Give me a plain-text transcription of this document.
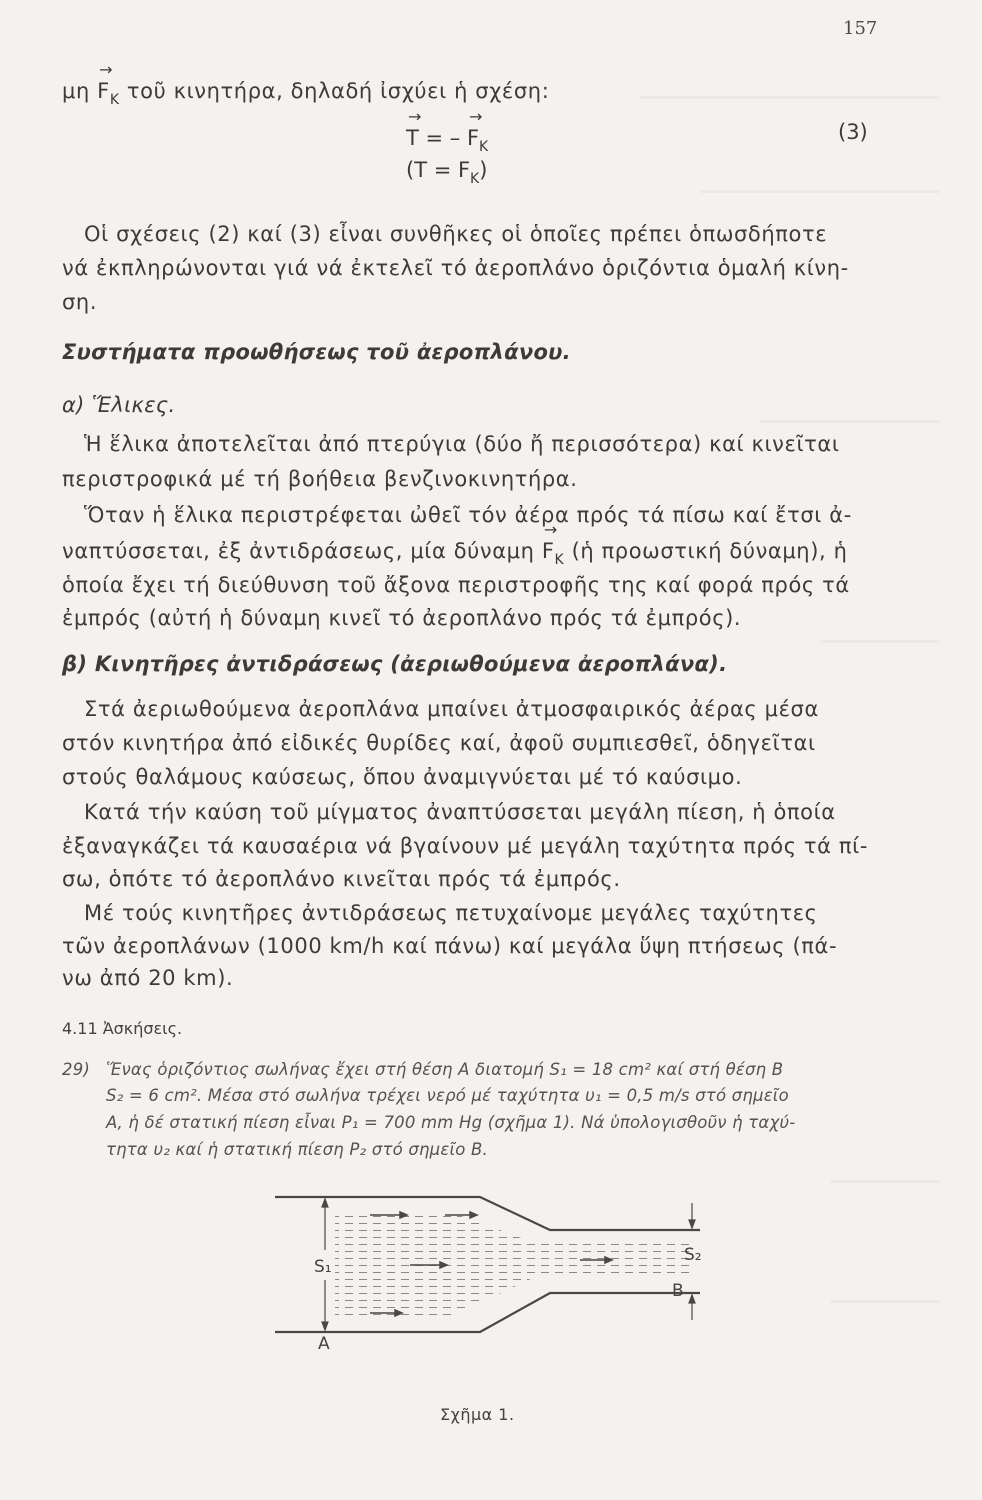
157
$\mu\eta \to F_K$ τοῦ κινητήρα, δηλαδή ἰσχύει ἡ σχέση:
→ T = – → $F_K$
(3)
$(T = F_K)$
Οἱ σχέσεις (2) καί (3) εἶναι συνθῆκες οἱ ὁποῖες πρέπει ὁπωσδήποτε
νά ἐκπληρώνονται γιά νά ἐκτελεῖ τό ἀεροπλάνο ὁριζόντια ὁμαλή κίνη-
ση.
Συστήματα προωθήσεως τοῦ ἀεροπλάνου.
α) Ἕλικες.
Ἡ ἕλικα ἀποτελεῖται ἀπό πτερύγια (δύο ἤ περισσότερα) καί κινεῖται
περιστροφικά μέ τή βοήθεια βενζινοκινητήρα.
Ὅταν ἡ ἕλικα περιστρέφεται ὠθεῖ τόν ἀέρα πρός τά πίσω καί ἔτσι ἀ-
ναπτύσσεται, ἐξ ἀντιδράσεως, μία $\delta ύ\nu\alpha\mu\eta \to F_K$ (ἡ προωστική δύναμη), ἡ
ὁποία ἔχει τή διεύθυνση τοῦ ἄξονα περιστροφῆς της καί φορά πρός τά
ἐμπρός (αὐτή ἡ δύναμη κινεῖ τό ἀεροπλάνο πρός τά ἐμπρός).
β) Κινητῆρες ἀντιδράσεως (ἀεριωθούμενα ἀεροπλάνα).
Στά ἀεριωθούμενα ἀεροπλάνα μπαίνει ἀτμοσφαιρικός ἀέρας μέσα
στόν κινητήρα ἀπό εἰδικές θυρίδες καί, ἀφοῦ συμπιεσθεῖ, ὁδηγεῖται
στούς θαλάμους καύσεως, ὅπου ἀναμιγνύεται μέ τό καύσιμο.
Κατά τήν καύση τοῦ μίγματος ἀναπτύσσεται μεγάλη πίεση, ἡ ὁποία
ἐξαναγκάζει τά καυσαέρια νά βγαίνουν μέ μεγάλη ταχύτητα πρός τά πί-
σω, ὁπότε τό ἀεροπλάνο κινεῖται πρός τά ἐμπρός.
Μέ τούς κινητῆρες ἀντιδράσεως πετυχαίνομε μεγάλες ταχύτητες
τῶν ἀεροπλάνων (1000 km/h καί πάνω) καί μεγάλα ὕψη πτήσεως (πά-
νω ἀπό 20 km).
4.11 Ἀσκήσεις.
29) Ἕνας ὁριζόντιος σωλήνας ἔχει στή θέση Α διατομή S₁ = 18 cm² καί στή θέση Β
S₂ = 6 cm². Μέσα στό σωλήνα τρέχει νερό μέ ταχύτητα υ₁ = 0,5 m/s στό σημεῖο
Α, ἡ δέ στατική πίεση εἶναι P₁ = 700 mm Hg (σχῆμα 1). Νά ὑπολογισθοῦν ἡ ταχύ-
τητα υ₂ καί ἡ στατική πίεση P₂ στό σημεῖο Β.
S₁
S₂
A
B
Σχῆμα 1.
